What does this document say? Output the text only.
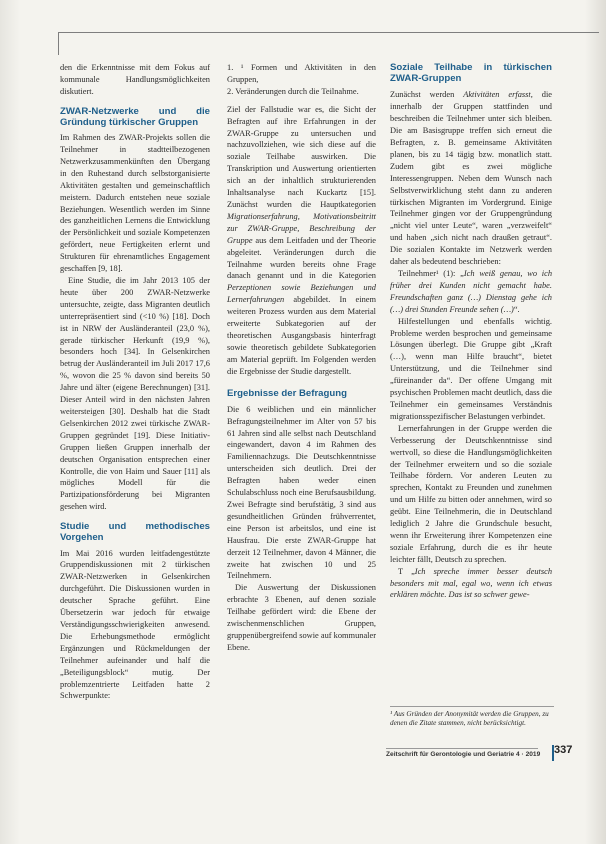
den die Erkenntnisse mit dem Fokus auf kommunale Handlungsmöglichkeiten diskutiert.

ZWAR-Netzwerke und die Gründung türkischer Gruppen

Im Rahmen des ZWAR-Projekts sollen die Teilnehmer in stadtteilbezogenen Netzwerkzusammenkünften den Übergang in den Ruhestand durch selbstorganisierte Aktivitäten gestalten und gemeinschaftlich meistern. Dadurch entstehen neue soziale Beziehungen. Wesentlich werden im Sinne des ganzheitlichen Lernens die Entwicklung der Persönlichkeit und soziale Kompetenzen gefördert, neue Fertigkeiten erlernt und Strukturen für ehrenamtliches Engagement geschaffen [9, 18].

Eine Studie, die im Jahr 2013 105 der heute über 200 ZWAR-Netzwerke untersuchte, zeigte, dass Migranten deutlich unterrepräsentiert sind (<10 %) [18]. Doch ist in NRW der Ausländeranteil (23,0 %), gerade türkischer Herkunft (19,9 %), besonders hoch [34]. In Gelsenkirchen betrug der Ausländeranteil im Juli 2017 17,6 %, wovon die 25 % davon sind bereits 50 Jahre und älter (eigene Berechnungen) [31]. Dieser Anteil wird in den nächsten Jahren weitersteigen [30]. Deshalb hat die Stadt Gelsenkirchen 2012 zwei türkische ZWAR-Gruppen gegründet [19]. Diese Initiativ-Gruppen ließen Gruppen innerhalb der deutschen Organisation entsprechen einer Kontrolle, die von Haim und Sauer [11] als mögliches Modell für die Partizipationsförderung bei Migranten gesehen wird.

Studie und methodisches Vorgehen

Im Mai 2016 wurden leitfadengestützte Gruppendiskussionen mit 2 türkischen ZWAR-Netzwerken in Gelsenkirchen durchgeführt. Die Diskussionen wurden in deutscher Sprache geführt. Eine Übersetzerin war jedoch für etwaige Verständigungsschwierigkeiten anwesend. Die Erhebungsmethode ermöglicht Ergänzungen und Rückmeldungen der Teilnehmer aufeinander und half die „Beteiligungsblock“ mutig. Der problemzentrierte Leitfaden hatte 2 Schwerpunkte:

1. ¹ Formen und Aktivitäten in den Gruppen,
2. Veränderungen durch die Teilnahme.

Ziel der Fallstudie war es, die Sicht der Befragten auf ihre Erfahrungen in der ZWAR-Gruppe zu untersuchen und nachzuvollziehen, wie sich diese auf die soziale Teilhabe auswirken. Die Transkription und Auswertung orientierten sich an der inhaltlich strukturierenden Inhaltsanalyse nach Kuckartz [15]. Zunächst wurden die Hauptkategorien Migrationserfahrung, Motivationsbeitritt zur ZWAR-Gruppe, Beschreibung der Gruppe aus dem Leitfaden und der Theorie abgeleitet. Veränderungen durch die Teilnahme wurden bereits ohne Frage danach genannt und in die Kategorien Perzeptionen sowie Beziehungen und Lernerfahrungen abgebildet. In einem weiteren Prozess wurden aus dem Material erweiterte Subkategorien auf der theoretischen Ausgangsbasis hinterfragt sowie theoretisch gebildete Subkategorien am Material geprüft. Im Folgenden werden die Ergebnisse der Studie dargestellt.

Ergebnisse der Befragung

Die 6 weiblichen und ein männlicher Befragungsteilnehmer im Alter von 57 bis 61 Jahren sind alle selbst nach Deutschland eingewandert, davon 4 im Rahmen des Familiennachzugs. Die Deutschkenntnisse unterscheiden sich deutlich. Drei der Befragten haben weder einen Schulabschluss noch eine Berufsausbildung. Zwei Befragte sind berufstätig, 3 sind aus gesundheitlichen Gründen frühverrentet, eine Person ist arbeitslos, und eine ist Hausfrau. Die erste ZWAR-Gruppe hat derzeit 12 Teilnehmer, davon 4 Männer, die zweite hat zwischen 10 und 25 Teilnehmern.

Die Auswertung der Diskussionen erbrachte 3 Ebenen, auf denen soziale Teilhabe gefördert wird: die Ebene der zwischenmenschlichen Gruppen, gruppenübergreifend sowie auf kommunaler Ebene.

Soziale Teilhabe in türkischen ZWAR-Gruppen

Zunächst werden Aktivitäten erfasst, die innerhalb der Gruppen stattfinden und beschreiben die Teilnehmer unter sich bleiben. Die am Basisgruppe treffen sich erneut die Befragten, z. B. gemeinsame Aktivitäten planen, bis zu 14 tägig bzw. monatlich statt. Zudem gibt es zwei mögliche Interessengruppen. Neben dem Wunsch nach Selbstverwirklichung steht dann zu anderen türkischen Migranten im Vordergrund. Einige Teilnehmer gingen vor der Gruppengründung „nicht viel unter Leute“, waren „verzweifelt“ und haben „sich nicht nach draußen getraut“. Die sozialen Kontakte im Netzwerk werden daher als bedeutend beschrieben:

Teilnehmer¹ (1): „Ich weiß genau, wo ich früher drei Kunden nicht gemacht habe. Freundschaften ganz (…) Dienstag gehe ich (…) drei Stunden Freunde sehen (…)“.

Hilfestellungen und ebenfalls wichtig. Probleme werden besprochen und gemeinsame Lösungen überlegt. Die Gruppe gibt „Kraft (…), wenn man Hilfe braucht“, bietet Unterstützung, und die Teilnehmer sind „füreinander da“. Der offene Umgang mit psychischen Problemen macht deutlich, dass die Teilnehmer ein gemeinsames Verständnis migrationsspezifischer Belastungen verbindet.

Lernerfahrungen in der Gruppe werden die Verbesserung der Deutschkenntnisse sind wertvoll, so diese die Handlungsmöglichkeiten der Teilnehmer erweitern und so die soziale Teilhabe fördern. Vor anderen Leuten zu sprechen, Kontakt zu Freunden und zunehmen und um Hilfe zu bitten oder annehmen, wird so geübt. Eine Teilnehmerin, die in Deutschland lediglich 2 Jahre die Grundschule besucht, wenn ihr Erweiterung ihrer Kompetenzen eine soziale Erfahrung, durch die es ihr heute leichter fällt, Deutsch zu sprechen.

T „Ich spreche immer besser deutsch besonders mit mal, egal wo, wenn ich etwas erklären möchte. Das ist so schwer gewe-

¹ Aus Gründen der Anonymität werden die Gruppen, zu denen die Zitate stammen, nicht berücksichtigt.
Zeitschrift für Gerontologie und Geriatrie 4 · 2019 337
